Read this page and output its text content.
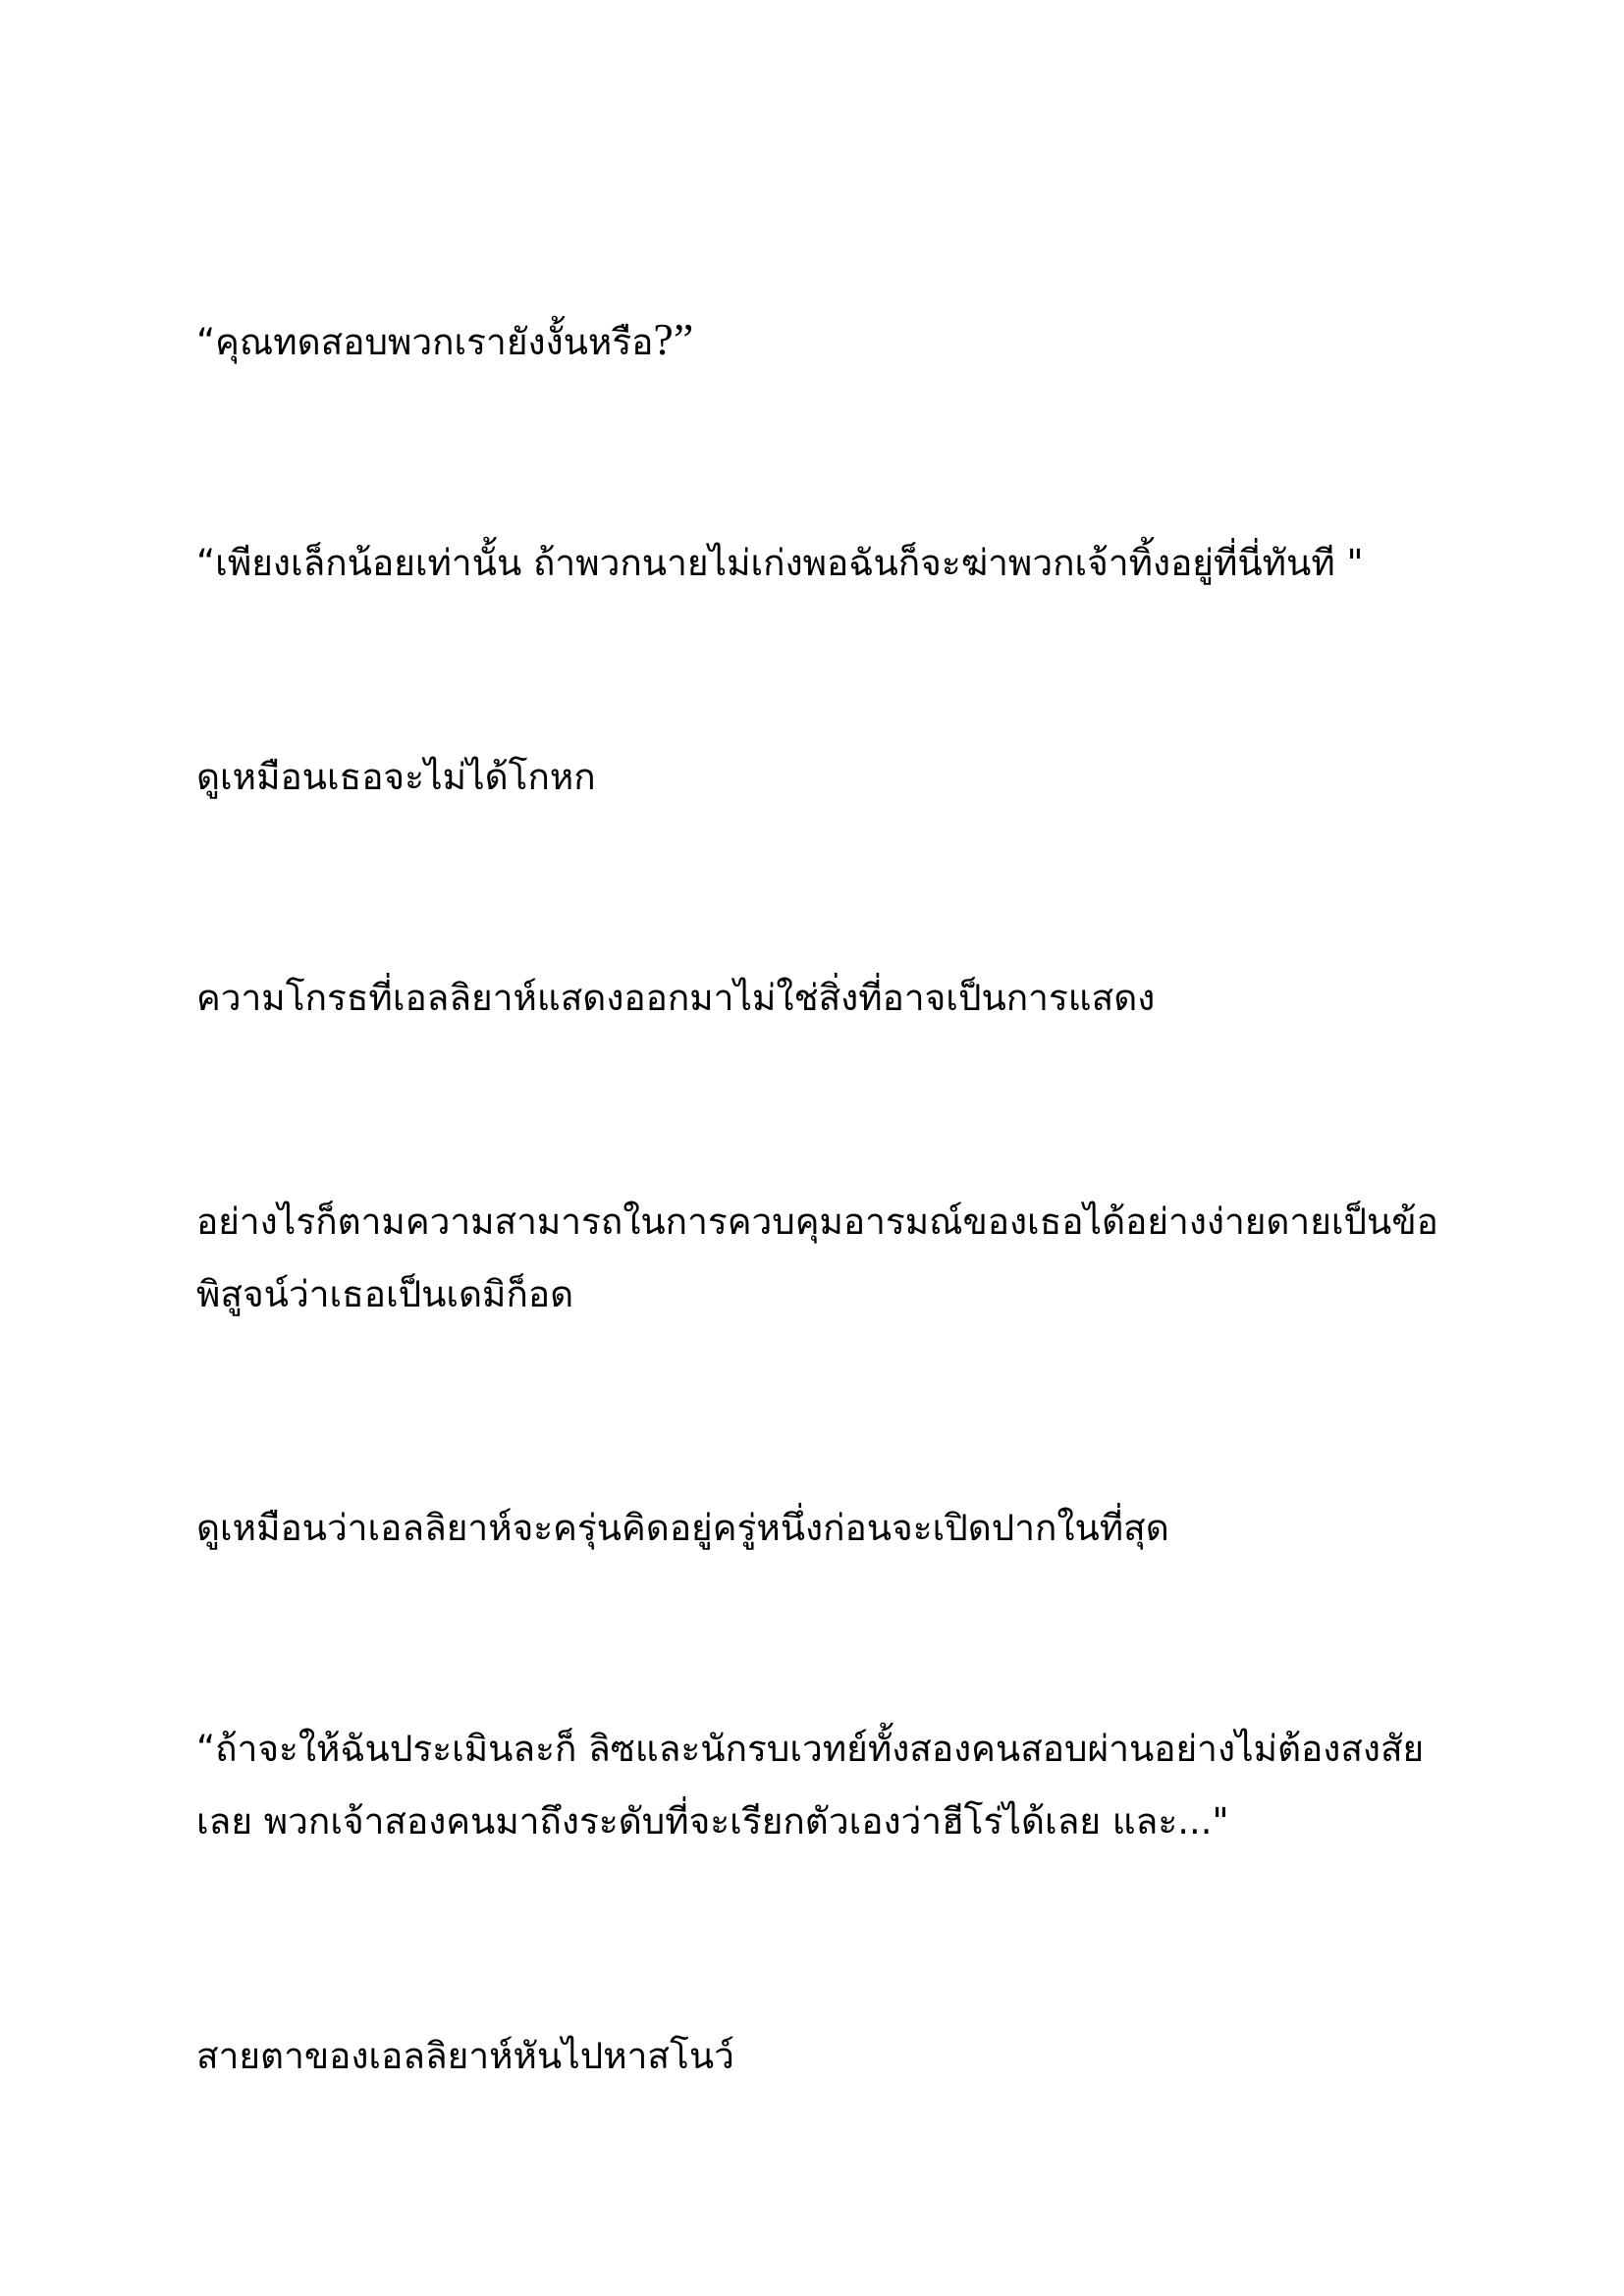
“คุณทดสอบพวกเรายังงั้นหรือ?”

“เพียงเล็กน้อยเท่านั้น ถ้าพวกนายไม่เก่งพอฉันก็จะฆ่าพวกเจ้าทิ้งอยู่ที่นี่ทันที "

ดูเหมือนเธอจะไม่ได้โกหก

ความโกรธที่เอลลิยาห์แสดงออกมาไม่ใช่สิ่งที่อาจเป็นการแสดง

อย่างไรก็ตามความสามารถในการควบคุมอารมณ์ของเธอได้อย่างง่ายดายเป็นข้อ
พิสูจน์ว่าเธอเป็นเดมิก็อด

ดูเหมือนว่าเอลลิยาห์จะครุ่นคิดอยู่ครู่หนึ่งก่อนจะเปิดปากในที่สุด

“ถ้าจะให้ฉันประเมินละก็ ลิซและนักรบเวทย์ทั้งสองคนสอบผ่านอย่างไม่ต้องสงสัย
เลย พวกเจ้าสองคนมาถึงระดับที่จะเรียกตัวเองว่าฮีโร่ได้เลย และ..."

สายตาของเอลลิยาห์หันไปหาสโนว์
